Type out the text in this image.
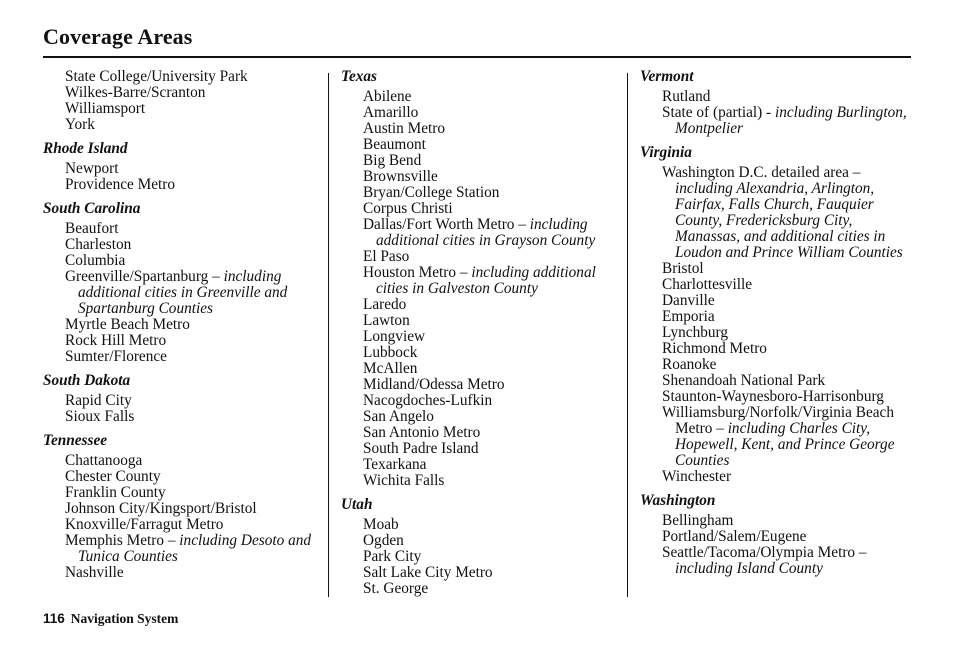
Coverage Areas
State College/University Park
Wilkes-Barre/Scranton
Williamsport
York
Rhode Island
Newport
Providence Metro
South Carolina
Beaufort
Charleston
Columbia
Greenville/Spartanburg – including additional cities in Greenville and Spartanburg Counties
Myrtle Beach Metro
Rock Hill Metro
Sumter/Florence
South Dakota
Rapid City
Sioux Falls
Tennessee
Chattanooga
Chester County
Franklin County
Johnson City/Kingsport/Bristol
Knoxville/Farragut Metro
Memphis Metro – including Desoto and Tunica Counties
Nashville
Texas
Abilene
Amarillo
Austin Metro
Beaumont
Big Bend
Brownsville
Bryan/College Station
Corpus Christi
Dallas/Fort Worth Metro – including additional cities in Grayson County
El Paso
Houston Metro – including additional cities in Galveston County
Laredo
Lawton
Longview
Lubbock
McAllen
Midland/Odessa Metro
Nacogdoches-Lufkin
San Angelo
San Antonio Metro
South Padre Island
Texarkana
Wichita Falls
Utah
Moab
Ogden
Park City
Salt Lake City Metro
St. George
Vermont
Rutland
State of (partial) - including Burlington, Montpelier
Virginia
Washington D.C. detailed area – including Alexandria, Arlington, Fairfax, Falls Church, Fauquier County, Fredericksburg City, Manassas, and additional cities in Loudon and Prince William Counties
Bristol
Charlottesville
Danville
Emporia
Lynchburg
Richmond Metro
Roanoke
Shenandoah National Park
Staunton-Waynesboro-Harrisonburg
Williamsburg/Norfolk/Virginia Beach Metro – including Charles City, Hopewell, Kent, and Prince George Counties
Winchester
Washington
Bellingham
Portland/Salem/Eugene
Seattle/Tacoma/Olympia Metro – including Island County
116 Navigation System
